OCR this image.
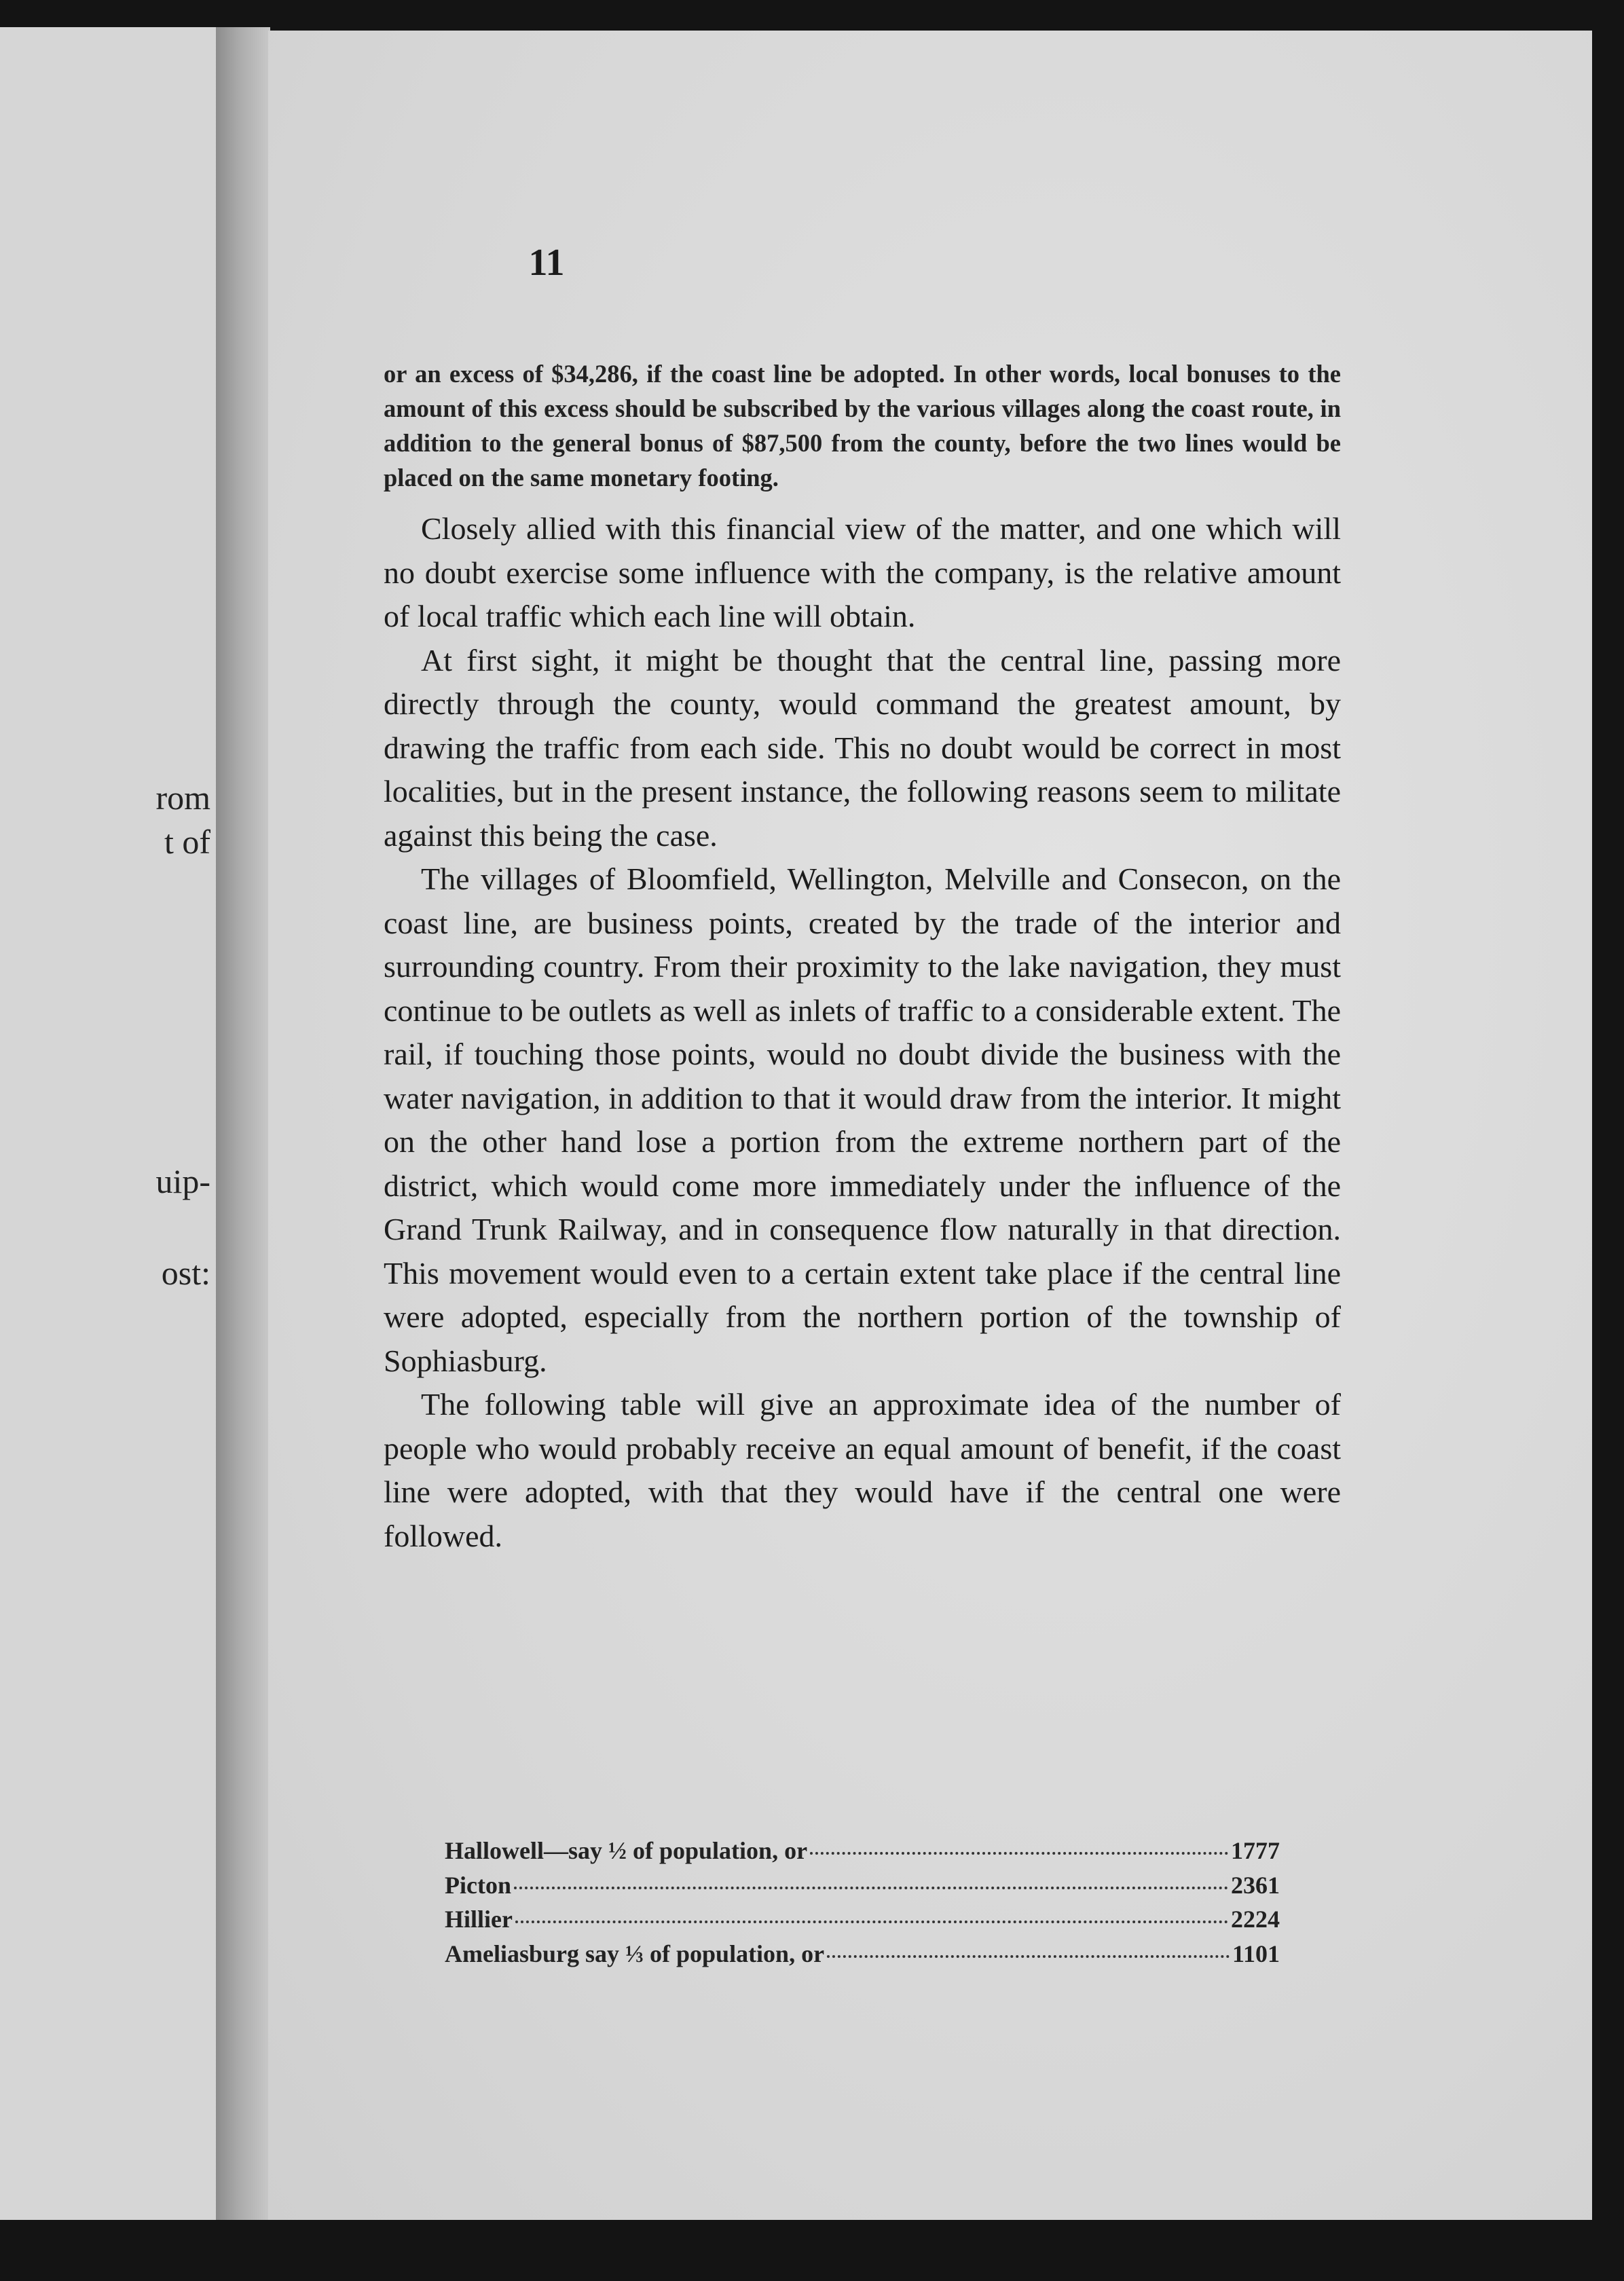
rom
t of
uip-
ost:
11

or an excess of $34,286, if the coast line be adopted. In other words, local bonuses to the amount of this excess should be subscribed by the various villages along the coast route, in addition to the general bonus of $87,500 from the county, before the two lines would be placed on the same monetary footing.

Closely allied with this financial view of the matter, and one which will no doubt exercise some influence with the company, is the relative amount of local traffic which each line will obtain.

At first sight, it might be thought that the central line, passing more directly through the county, would command the greatest amount, by drawing the traffic from each side. This no doubt would be correct in most localities, but in the present instance, the following reasons seem to militate against this being the case.

The villages of Bloomfield, Wellington, Melville and Consecon, on the coast line, are business points, created by the trade of the interior and surrounding country. From their proximity to the lake navigation, they must continue to be outlets as well as inlets of traffic to a considerable extent. The rail, if touching those points, would no doubt divide the business with the water navigation, in addition to that it would draw from the interior. It might on the other hand lose a portion from the extreme northern part of the district, which would come more immediately under the influence of the Grand Trunk Railway, and in consequence flow naturally in that direction. This movement would even to a certain extent take place if the central line were adopted, especially from the northern portion of the township of Sophiasburg.

The following table will give an approximate idea of the number of people who would probably receive an equal amount of benefit, if the coast line were adopted, with that they would have if the central one were followed.

Hallowell—say ½ of population, or	1777
Picton	2361
Hillier	2224
Ameliasburg say ⅓ of population, or	1101
